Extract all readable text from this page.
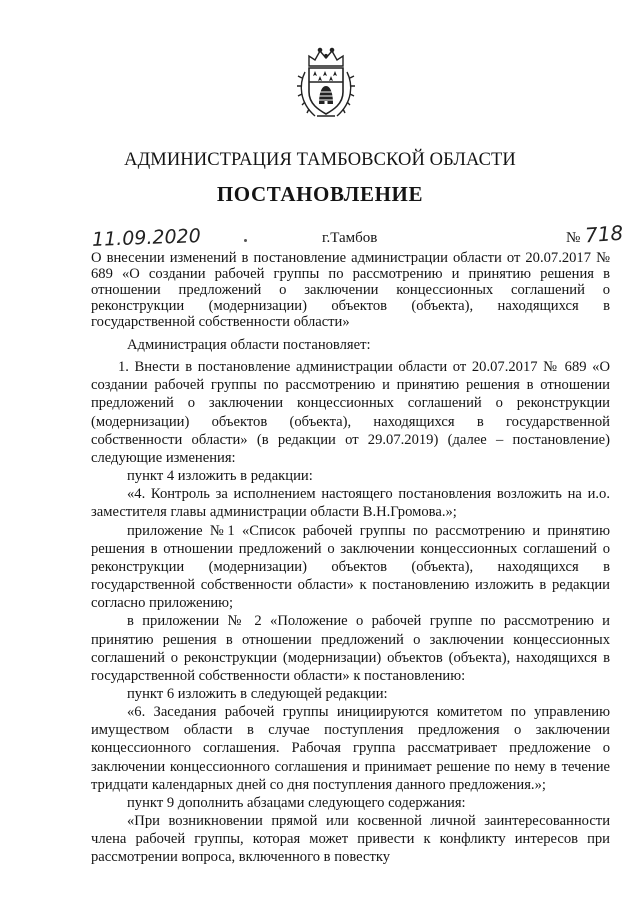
АДМИНИСТРАЦИЯ ТАМБОВСКОЙ ОБЛАСТИ
ПОСТАНОВЛЕНИЕ
11.09.2020	г.Тамбов	№ 718
О внесении изменений в постановление администрации области от 20.07.2017 № 689 «О создании рабочей группы по рассмотрению и принятию решения в отношении предложений о заключении концессионных соглашений о реконструкции (модернизации) объектов (объекта), находящихся в государственной собственности области»

Администрация области постановляет:

1. Внести в постановление администрации области от 20.07.2017 № 689 «О создании рабочей группы по рассмотрению и принятию решения в отношении предложений о заключении концессионных соглашений о реконструкции (модернизации) объектов (объекта), находящихся в государственной собственности области» (в редакции от 29.07.2019) (далее – постановление) следующие изменения:

пункт 4 изложить в редакции:

«4. Контроль за исполнением настоящего постановления возложить на и.о. заместителя главы администрации области В.Н.Громова.»;

приложение №1 «Список рабочей группы по рассмотрению и принятию решения в отношении предложений о заключении концессионных соглашений о реконструкции (модернизации) объектов (объекта), находящихся в государственной собственности области» к постановлению изложить в редакции согласно приложению;

в приложении № 2 «Положение о рабочей группе по рассмотрению и принятию решения в отношении предложений о заключении концессионных соглашений о реконструкции (модернизации) объектов (объекта), находящихся в государственной собственности области» к постановлению:

пункт 6 изложить в следующей редакции:

«6. Заседания рабочей группы инициируются комитетом по управлению имуществом области в случае поступления предложения о заключении концессионного соглашения. Рабочая группа рассматривает предложение о заключении концессионного соглашения и принимает решение по нему в течение тридцати календарных дней со дня поступления данного предложения.»;

пункт 9 дополнить абзацами следующего содержания:

«При возникновении прямой или косвенной личной заинтересованности члена рабочей группы, которая может привести к конфликту интересов при рассмотрении вопроса, включенного в повестку
